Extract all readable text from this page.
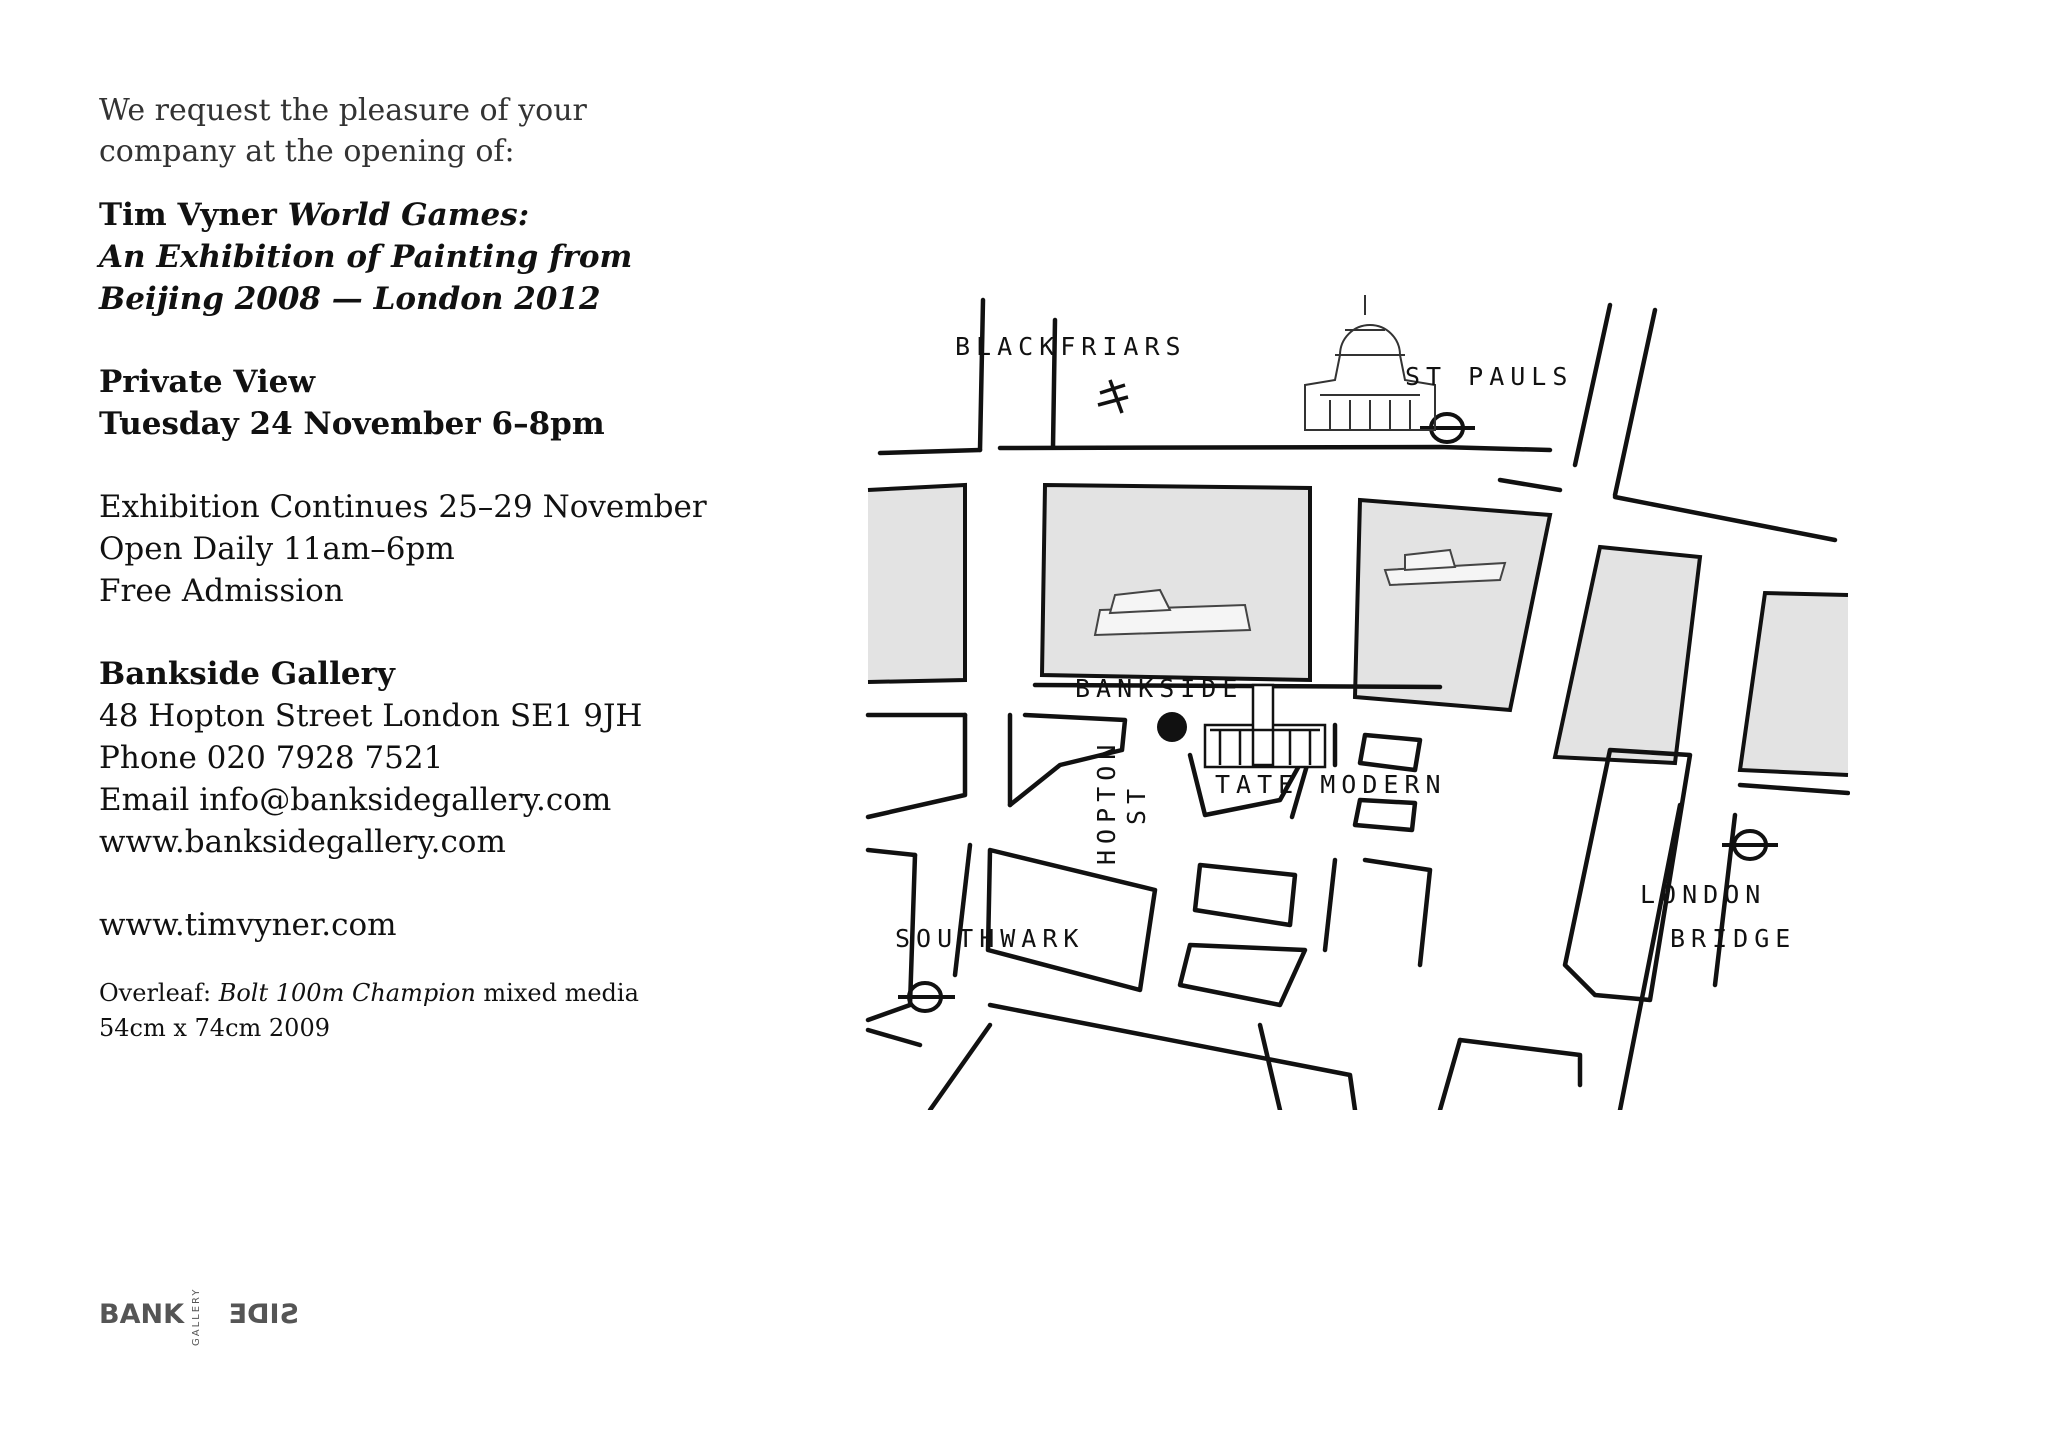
We request the pleasure of your
company at the opening of:

Tim Vyner World Games:
An Exhibition of Painting from
Beijing 2008 — London 2012
Private View
Tuesday 24 November 6–8pm
Exhibition Continues 25–29 November
Open Daily 11am–6pm
Free Admission
Bankside Gallery
48 Hopton Street London SE1 9JH
Phone 020 7928 7521
Email info@bankside​gallery.com
www.banksidegallery.com
www.timvyner.com
Overleaf: Bolt 100m Champion mixed media
54cm x 74cm 2009
BLACKFRIARS
ST PAULS
BANKSIDE
TATE MODERN
HOPTON ST
SOUTHWARK
LONDON
BRIDGE
BANK SIDE
GALLERY
